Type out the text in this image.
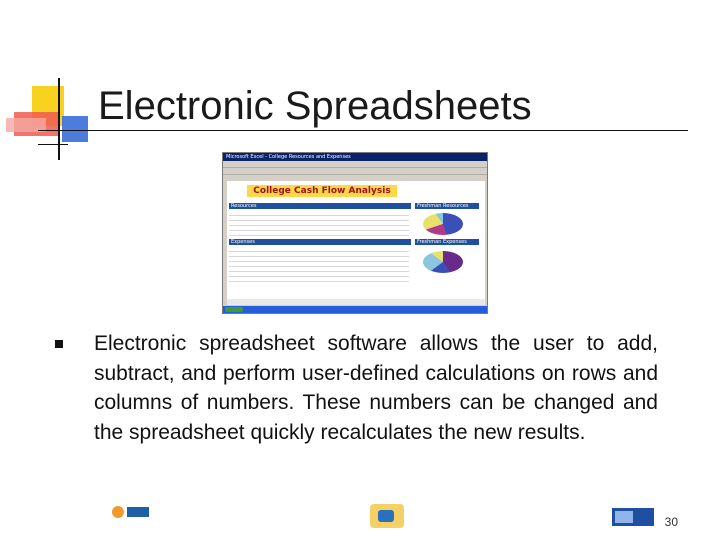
Electronic Spreadsheets
Microsoft Excel - College Resources and Expenses
College Cash Flow Analysis
Resources
Expenses
Freshman Resources
Freshman Expenses
Electronic spreadsheet software allows the user to add, subtract, and perform user-defined calculations on rows and columns of numbers. These numbers can be changed and the spreadsheet quickly recalculates the new results.
30
